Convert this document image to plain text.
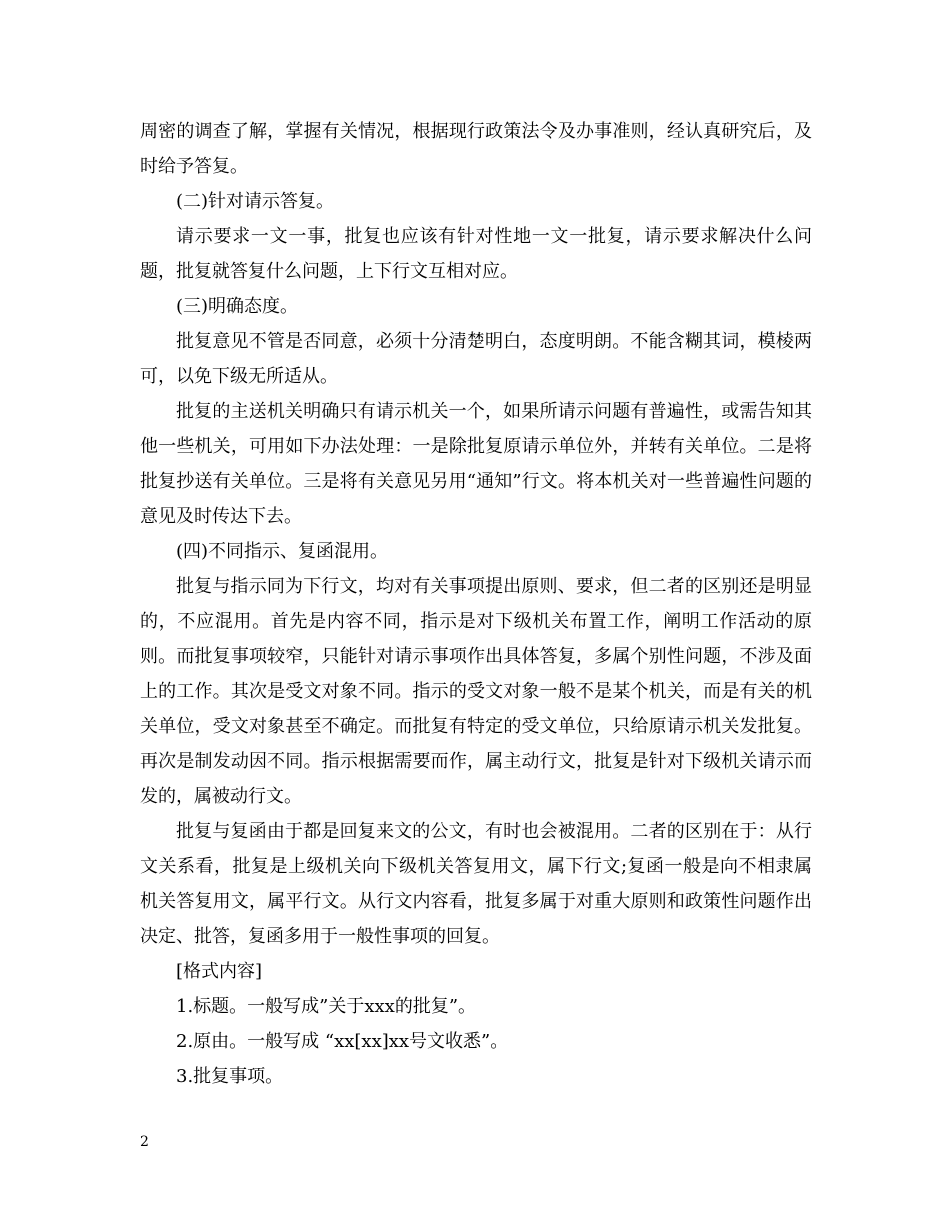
周密的调查了解，掌握有关情况，根据现行政策法令及办事准则，经认真研究后，及时给予答复。

(二)针对请示答复。

请示要求一文一事，批复也应该有针对性地一文一批复，请示要求解决什么问题，批复就答复什么问题，上下行文互相对应。

(三)明确态度。

批复意见不管是否同意，必须十分清楚明白，态度明朗。不能含糊其词，模棱两可，以免下级无所适从。

批复的主送机关明确只有请示机关一个，如果所请示问题有普遍性，或需告知其他一些机关，可用如下办法处理：一是除批复原请示单位外，并转有关单位。二是将批复抄送有关单位。三是将有关意见另用“通知”行文。将本机关对一些普遍性问题的意见及时传达下去。

(四)不同指示、复函混用。

批复与指示同为下行文，均对有关事项提出原则、要求，但二者的区别还是明显的，不应混用。首先是内容不同，指示是对下级机关布置工作，阐明工作活动的原则。而批复事项较窄，只能针对请示事项作出具体答复，多属个别性问题，不涉及面上的工作。其次是受文对象不同。指示的受文对象一般不是某个机关，而是有关的机关单位，受文对象甚至不确定。而批复有特定的受文单位，只给原请示机关发批复。再次是制发动因不同。指示根据需要而作，属主动行文，批复是针对下级机关请示而发的，属被动行文。

批复与复函由于都是回复来文的公文，有时也会被混用。二者的区别在于：从行文关系看，批复是上级机关向下级机关答复用文，属下行文;复函一般是向不相隶属机关答复用文，属平行文。从行文内容看，批复多属于对重大原则和政策性问题作出决定、批答，复函多用于一般性事项的回复。

[格式内容]

1.标题。一般写成”关于xxx的批复”。

2.原由。一般写成 “xx[xx]xx号文收悉”。

3.批复事项。

2
